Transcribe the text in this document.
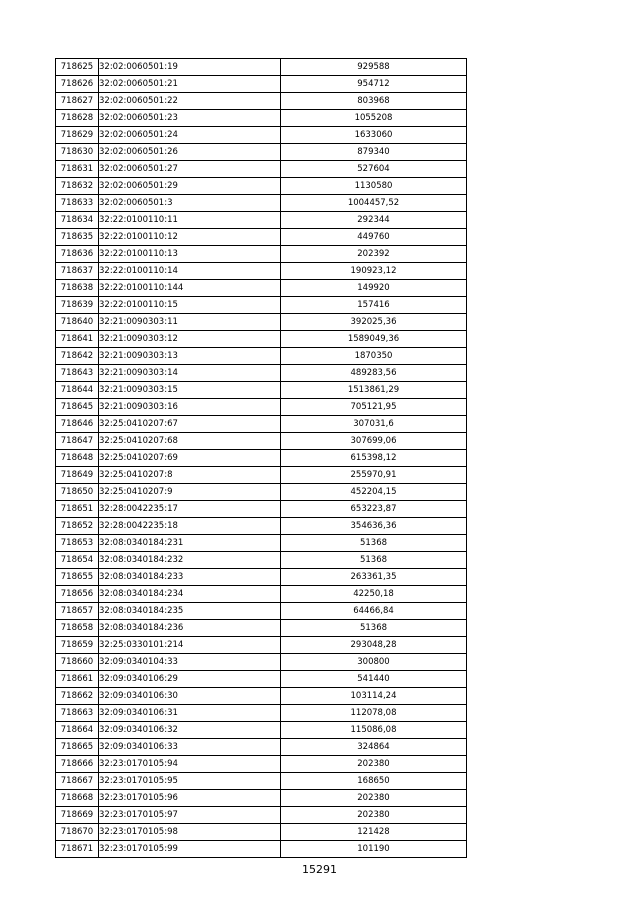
718625	32:02:0060501:19	929588
718626	32:02:0060501:21	954712
718627	32:02:0060501:22	803968
718628	32:02:0060501:23	1055208
718629	32:02:0060501:24	1633060
718630	32:02:0060501:26	879340
718631	32:02:0060501:27	527604
718632	32:02:0060501:29	1130580
718633	32:02:0060501:3	1004457,52
718634	32:22:0100110:11	292344
718635	32:22:0100110:12	449760
718636	32:22:0100110:13	202392
718637	32:22:0100110:14	190923,12
718638	32:22:0100110:144	149920
718639	32:22:0100110:15	157416
718640	32:21:0090303:11	392025,36
718641	32:21:0090303:12	1589049,36
718642	32:21:0090303:13	1870350
718643	32:21:0090303:14	489283,56
718644	32:21:0090303:15	1513861,29
718645	32:21:0090303:16	705121,95
718646	32:25:0410207:67	307031,6
718647	32:25:0410207:68	307699,06
718648	32:25:0410207:69	615398,12
718649	32:25:0410207:8	255970,91
718650	32:25:0410207:9	452204,15
718651	32:28:0042235:17	653223,87
718652	32:28:0042235:18	354636,36
718653	32:08:0340184:231	51368
718654	32:08:0340184:232	51368
718655	32:08:0340184:233	263361,35
718656	32:08:0340184:234	42250,18
718657	32:08:0340184:235	64466,84
718658	32:08:0340184:236	51368
718659	32:25:0330101:214	293048,28
718660	32:09:0340104:33	300800
718661	32:09:0340106:29	541440
718662	32:09:0340106:30	103114,24
718663	32:09:0340106:31	112078,08
718664	32:09:0340106:32	115086,08
718665	32:09:0340106:33	324864
718666	32:23:0170105:94	202380
718667	32:23:0170105:95	168650
718668	32:23:0170105:96	202380
718669	32:23:0170105:97	202380
718670	32:23:0170105:98	121428
718671	32:23:0170105:99	101190
15291
